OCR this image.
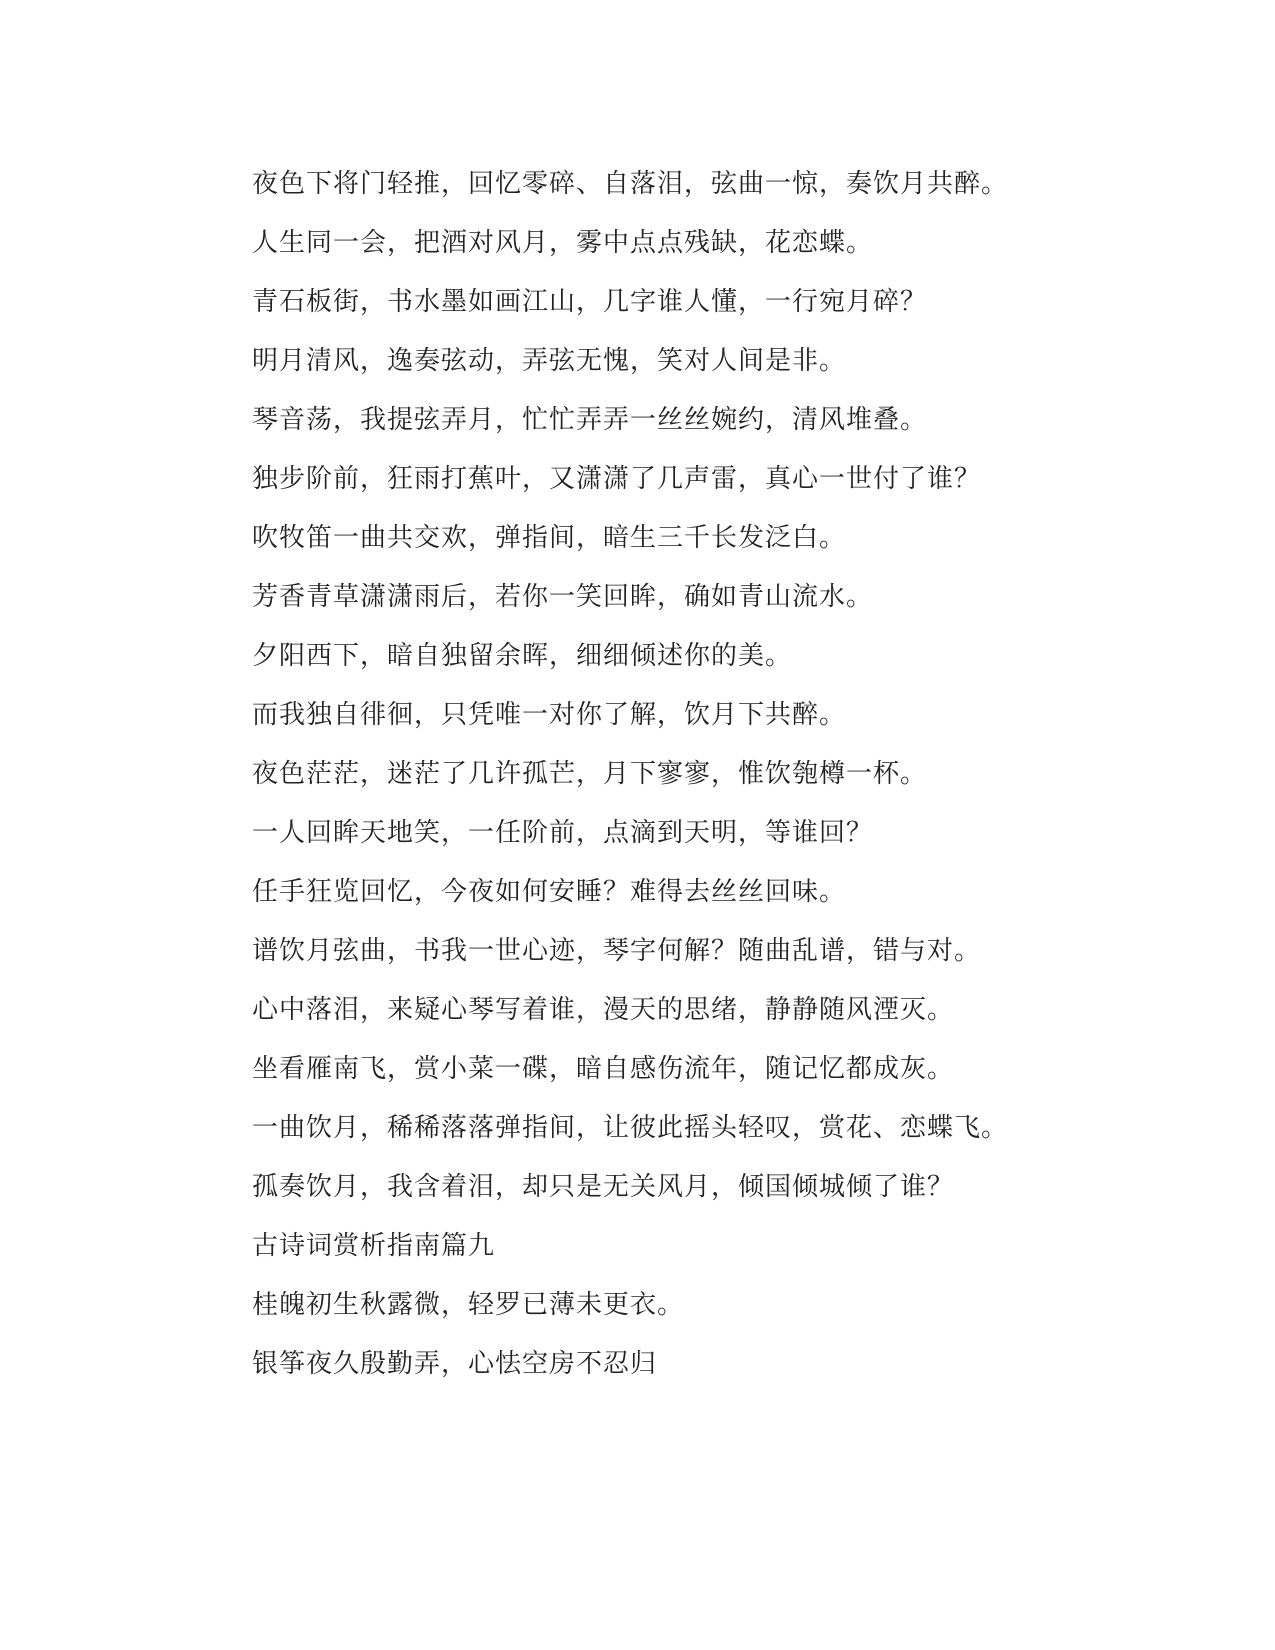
夜色下将门轻推，回忆零碎、自落泪，弦曲一惊，奏饮月共醉。
人生同一会，把酒对风月，雾中点点残缺，花恋蝶。
青石板街，书水墨如画江山，几字谁人懂，一行宛月碎？
明月清风，逸奏弦动，弄弦无愧，笑对人间是非。
琴音荡，我提弦弄月，忙忙弄弄一丝丝婉约，清风堆叠。
独步阶前，狂雨打蕉叶，又潇潇了几声雷，真心一世付了谁？
吹牧笛一曲共交欢，弹指间，暗生三千长发泛白。
芳香青草潇潇雨后，若你一笑回眸，确如青山流水。
夕阳西下，暗自独留余晖，细细倾述你的美。
而我独自徘徊，只凭唯一对你了解，饮月下共醉。
夜色茫茫，迷茫了几许孤芒，月下寥寥，惟饮匏樽一杯。
一人回眸天地笑，一任阶前，点滴到天明，等谁回？
任手狂览回忆，今夜如何安睡？难得去丝丝回味。
谱饮月弦曲，书我一世心迹，琴字何解？随曲乱谱，错与对。
心中落泪，来疑心琴写着谁，漫天的思绪，静静随风湮灭。
坐看雁南飞，赏小菜一碟，暗自感伤流年，随记忆都成灰。
一曲饮月，稀稀落落弹指间，让彼此摇头轻叹，赏花、恋蝶飞。
孤奏饮月，我含着泪，却只是无关风月，倾国倾城倾了谁？
古诗词赏析指南篇九
桂魄初生秋露微，轻罗已薄未更衣。
银筝夜久殷勤弄，心怯空房不忍归
